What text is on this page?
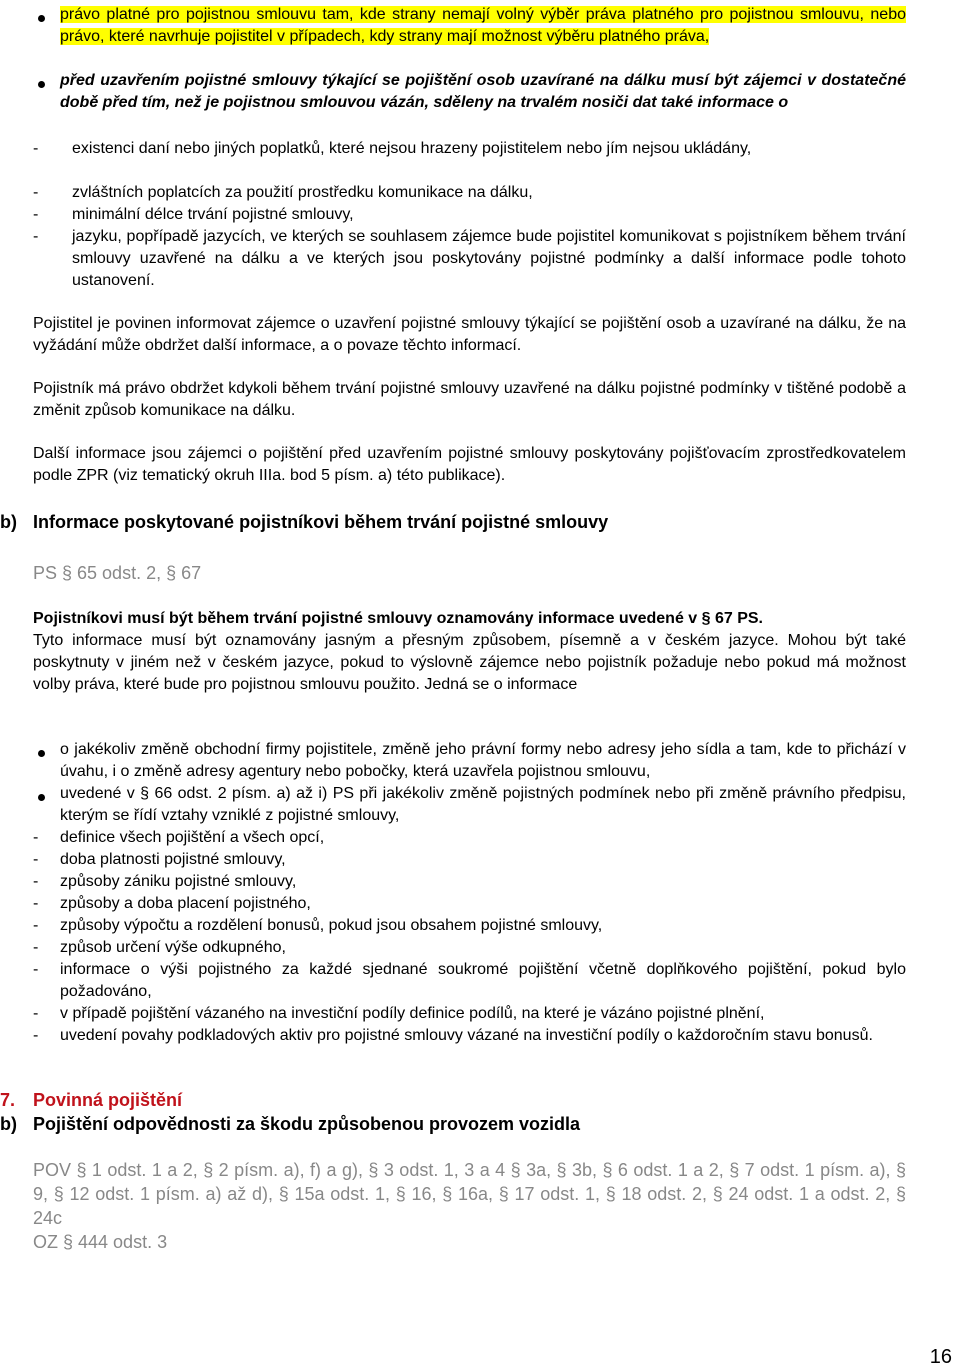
právo platné pro pojistnou smlouvu tam, kde strany nemají volný výběr práva platného pro pojistnou smlouvu, nebo právo, které navrhuje pojistitel v případech, kdy strany mají možnost výběru platného práva,
před uzavřením pojistné smlouvy týkající se pojištění osob uzavírané na dálku musí být zájemci v dostatečné době před tím, než je pojistnou smlouvou vázán, sděleny na trvalém nosiči dat také informace o
- existenci daní nebo jiných poplatků, které nejsou hrazeny pojistitelem nebo jím nejsou ukládány,
- zvláštních poplatcích za použití prostředku komunikace na dálku,
- minimální délce trvání pojistné smlouvy,
- jazyku, popřípadě jazycích, ve kterých se souhlasem zájemce bude pojistitel komunikovat s pojistníkem během trvání smlouvy uzavřené na dálku a ve kterých jsou poskytovány pojistné podmínky a další informace podle tohoto ustanovení.
Pojistitel je povinen informovat zájemce o uzavření pojistné smlouvy týkající se pojištění osob a uzavírané na dálku, že na vyžádání může obdržet další informace, a o povaze těchto informací.
Pojistník má právo obdržet kdykoli během trvání pojistné smlouvy uzavřené na dálku pojistné podmínky v tištěné podobě a změnit způsob komunikace na dálku.
Další informace jsou zájemci o pojištění před uzavřením pojistné smlouvy poskytovány pojišťovacím zprostředkovatelem podle ZPR (viz tematický okruh IIIa. bod 5 písm. a) této publikace).
b) Informace poskytované pojistníkovi během trvání pojistné smlouvy
PS § 65 odst. 2, § 67
Pojistníkovi musí být během trvání pojistné smlouvy oznamovány informace uvedené v § 67 PS.
Tyto informace musí být oznamovány jasným a přesným způsobem, písemně a v českém jazyce. Mohou být také poskytnuty v jiném než v českém jazyce, pokud to výslovně zájemce nebo pojistník požaduje nebo pokud má možnost volby práva, které bude pro pojistnou smlouvu použito. Jedná se o informace
o jakékoliv změně obchodní firmy pojistitele, změně jeho právní formy nebo adresy jeho sídla a tam, kde to přichází v úvahu, i o změně adresy agentury nebo pobočky, která uzavřela pojistnou smlouvu,
uvedené v § 66 odst. 2 písm. a) až i) PS při jakékoliv změně pojistných podmínek nebo při změně právního předpisu, kterým se řídí vztahy vzniklé z pojistné smlouvy,
- definice všech pojištění a všech opcí,
- doba platnosti pojistné smlouvy,
- způsoby zániku pojistné smlouvy,
- způsoby a doba placení pojistného,
- způsoby výpočtu a rozdělení bonusů, pokud jsou obsahem pojistné smlouvy,
- způsob určení výše odkupného,
- informace o výši pojistného za každé sjednané soukromé pojištění včetně doplňkového pojištění, pokud bylo požadováno,
- v případě pojištění vázaného na investiční podíly definice podílů, na které je vázáno pojistné plnění,
- uvedení povahy podkladových aktiv pro pojistné smlouvy vázané na investiční podíly o každoročním stavu bonusů.
7. Povinná pojištění
b) Pojištění odpovědnosti za škodu způsobenou provozem vozidla
POV § 1 odst. 1 a 2, § 2 písm. a), f) a g), § 3 odst. 1, 3 a 4 § 3a, § 3b, § 6 odst. 1 a 2, § 7 odst. 1 písm. a), § 9, § 12 odst. 1 písm. a) až d), § 15a odst. 1, § 16, § 16a, § 17 odst. 1, § 18 odst. 2, § 24 odst. 1 a odst. 2, § 24c
OZ § 444 odst. 3
16
